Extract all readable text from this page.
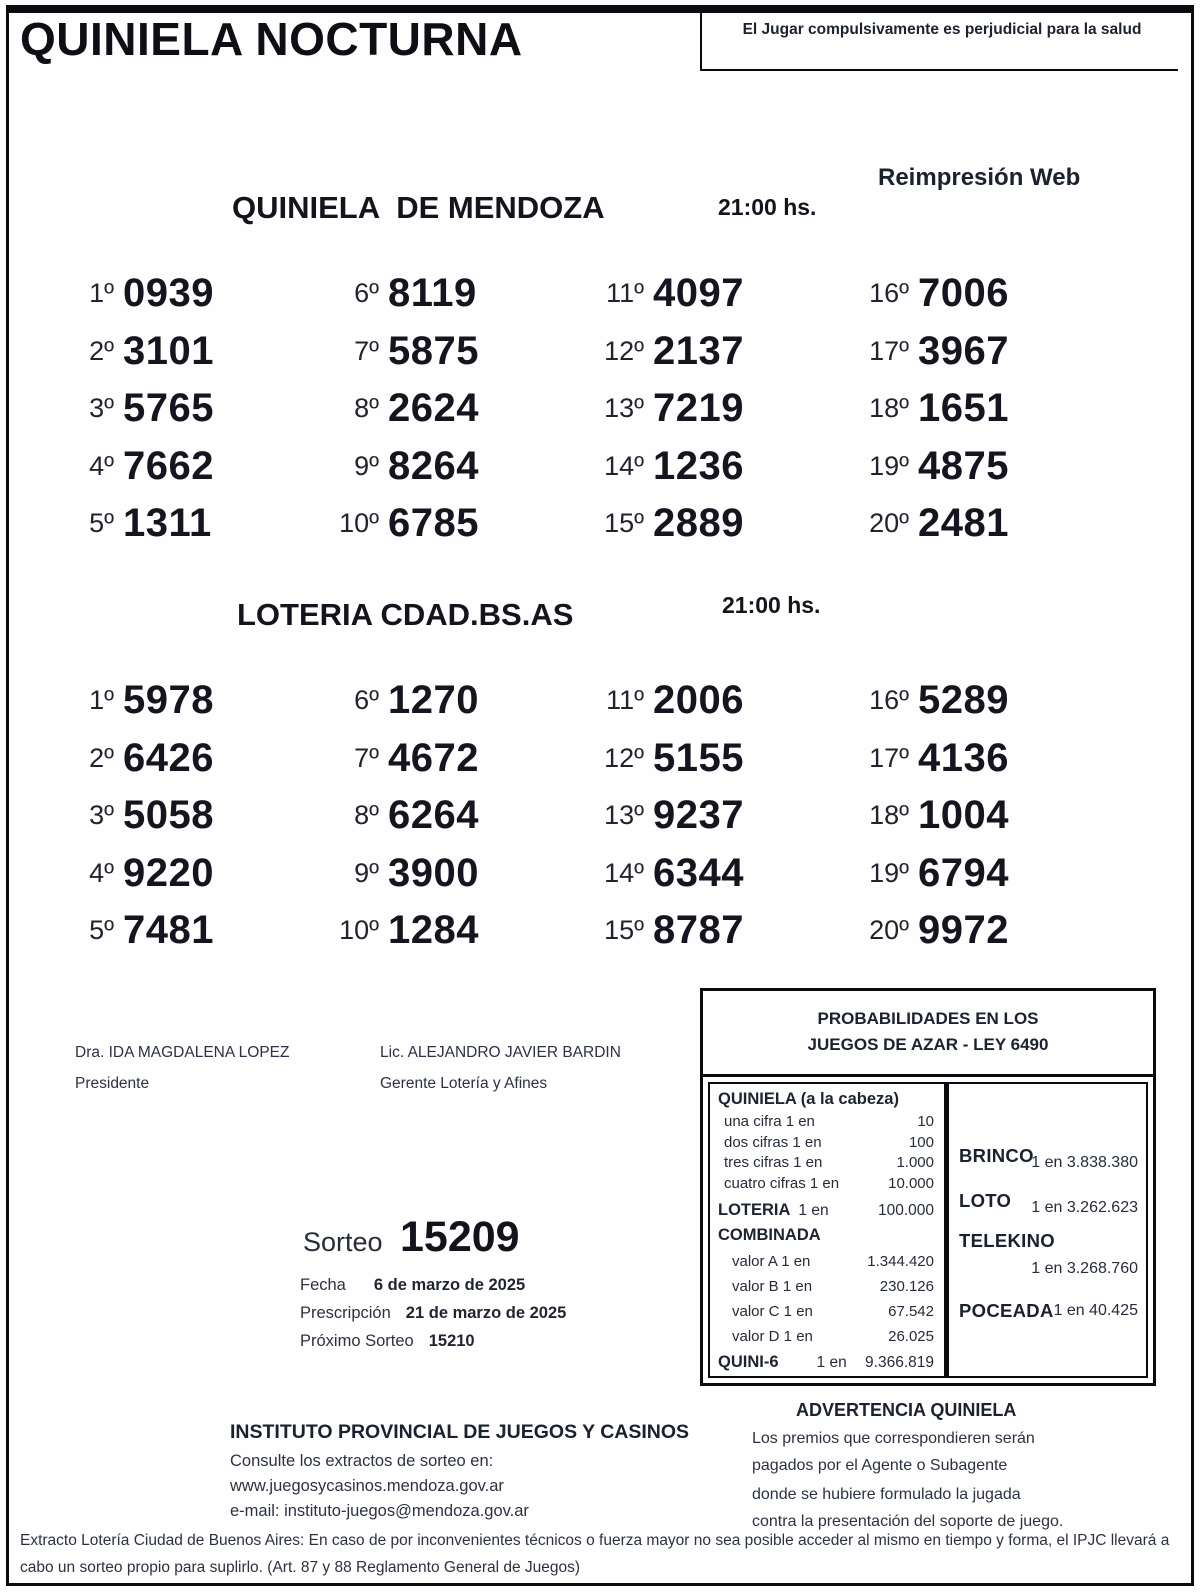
QUINIELA NOCTURNA	El Jugar compulsivamente es perjudicial para la salud
Reimpresión Web
QUINIELA  DE MENDOZA	21:00 hs.
1º 0939
2º 3101
3º 5765
4º 7662
5º 1311
6º 8119
7º 5875
8º 2624
9º 8264
10º 6785
11º 4097
12º 2137
13º 7219
14º 1236
15º 2889
16º 7006
17º 3967
18º 1651
19º 4875
20º 2481
LOTERIA CDAD.BS.AS	21:00 hs.
1º 5978
2º 6426
3º 5058
4º 9220
5º 7481
6º 1270
7º 4672
8º 6264
9º 3900
10º 1284
11º 2006
12º 5155
13º 9237
14º 6344
15º 8787
16º 5289
17º 4136
18º 1004
19º 6794
20º 9972
Dra. IDA MAGDALENA LOPEZ
Presidente
Lic. ALEJANDRO JAVIER BARDIN
Gerente Lotería y Afines
Sorteo 15209
Fecha 6 de marzo de 2025
Prescripción 21 de marzo de 2025
Próximo Sorteo 15210
PROBABILIDADES EN LOS
JUEGOS DE AZAR - LEY 6490
QUINIELA (a la cabeza)
una cifra 1 en	10
dos cifras 1 en	100
tres cifras 1 en	1.000
cuatro cifras 1 en	10.000
LOTERIA 1 en	100.000
COMBINADA
valor A 1 en	1.344.420
valor B 1 en	230.126
valor C 1 en	67.542
valor D 1 en	26.025
QUINI-6 1 en 9.366.819
BRINCO
1 en 3.838.380
LOTO 1 en 3.262.623
TELEKINO
1 en 3.268.760
POCEADA 1 en 40.425
ADVERTENCIA QUINIELA
Los premios que correspondieren serán
pagados por el Agente o Subagente
donde se hubiere formulado la jugada
contra la presentación del soporte de juego.
INSTITUTO PROVINCIAL DE JUEGOS Y CASINOS
Consulte los extractos de sorteo en:
www.juegosycasinos.mendoza.gov.ar
e-mail: instituto-juegos@mendoza.gov.ar
Extracto Lotería Ciudad de Buenos Aires: En caso de por inconvenientes técnicos o fuerza mayor no sea posible acceder al mismo en tiempo y forma, el IPJC llevará a cabo un sorteo propio para suplirlo. (Art. 87 y 88 Reglamento General de Juegos)
